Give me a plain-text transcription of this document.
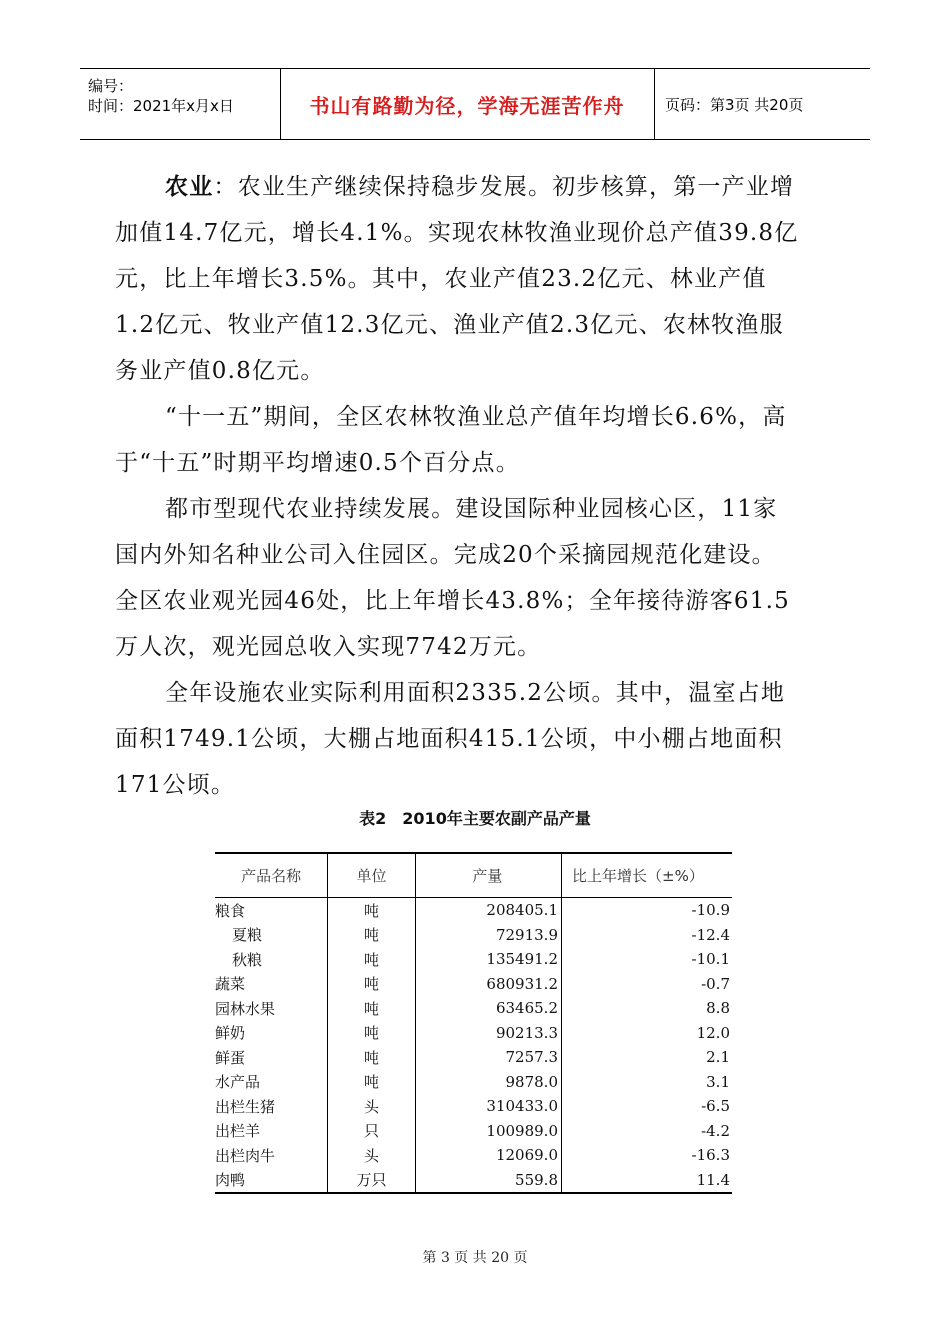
编号：
时间：2021年x月x日	书山有路勤为径，学海无涯苦作舟	页码：第3页 共20页
农业：农业生产继续保持稳步发展。初步核算，第一产业增
加值14.7亿元，增长4.1%。实现农林牧渔业现价总产值39.8亿
元，比上年增长3.5%。其中，农业产值23.2亿元、林业产值
1.2亿元、牧业产值12.3亿元、渔业产值2.3亿元、农林牧渔服
务业产值0.8亿元。
“十一五”期间，全区农林牧渔业总产值年均增长6.6%，高
于“十五”时期平均增速0.5个百分点。
都市型现代农业持续发展。建设国际种业园核心区，11家
国内外知名种业公司入住园区。完成20个采摘园规范化建设。
全区农业观光园46处，比上年增长43.8%；全年接待游客61.5
万人次，观光园总收入实现7742万元。
全年设施农业实际利用面积2335.2公顷。其中，温室占地
面积1749.1公顷，大棚占地面积415.1公顷，中小棚占地面积
171公顷。
表2　2010年主要农副产品产量
产品名称	单位	产量	比上年增长（±%）
粮食	吨	208405.1	-10.9
夏粮	吨	72913.9	-12.4
秋粮	吨	135491.2	-10.1
蔬菜	吨	680931.2	-0.7
园林水果	吨	63465.2	8.8
鲜奶	吨	90213.3	12.0
鲜蛋	吨	7257.3	2.1
水产品	吨	9878.0	3.1
出栏生猪	头	310433.0	-6.5
出栏羊	只	100989.0	-4.2
出栏肉牛	头	12069.0	-16.3
肉鸭	万只	559.8	11.4
第 3 页 共 20 页
